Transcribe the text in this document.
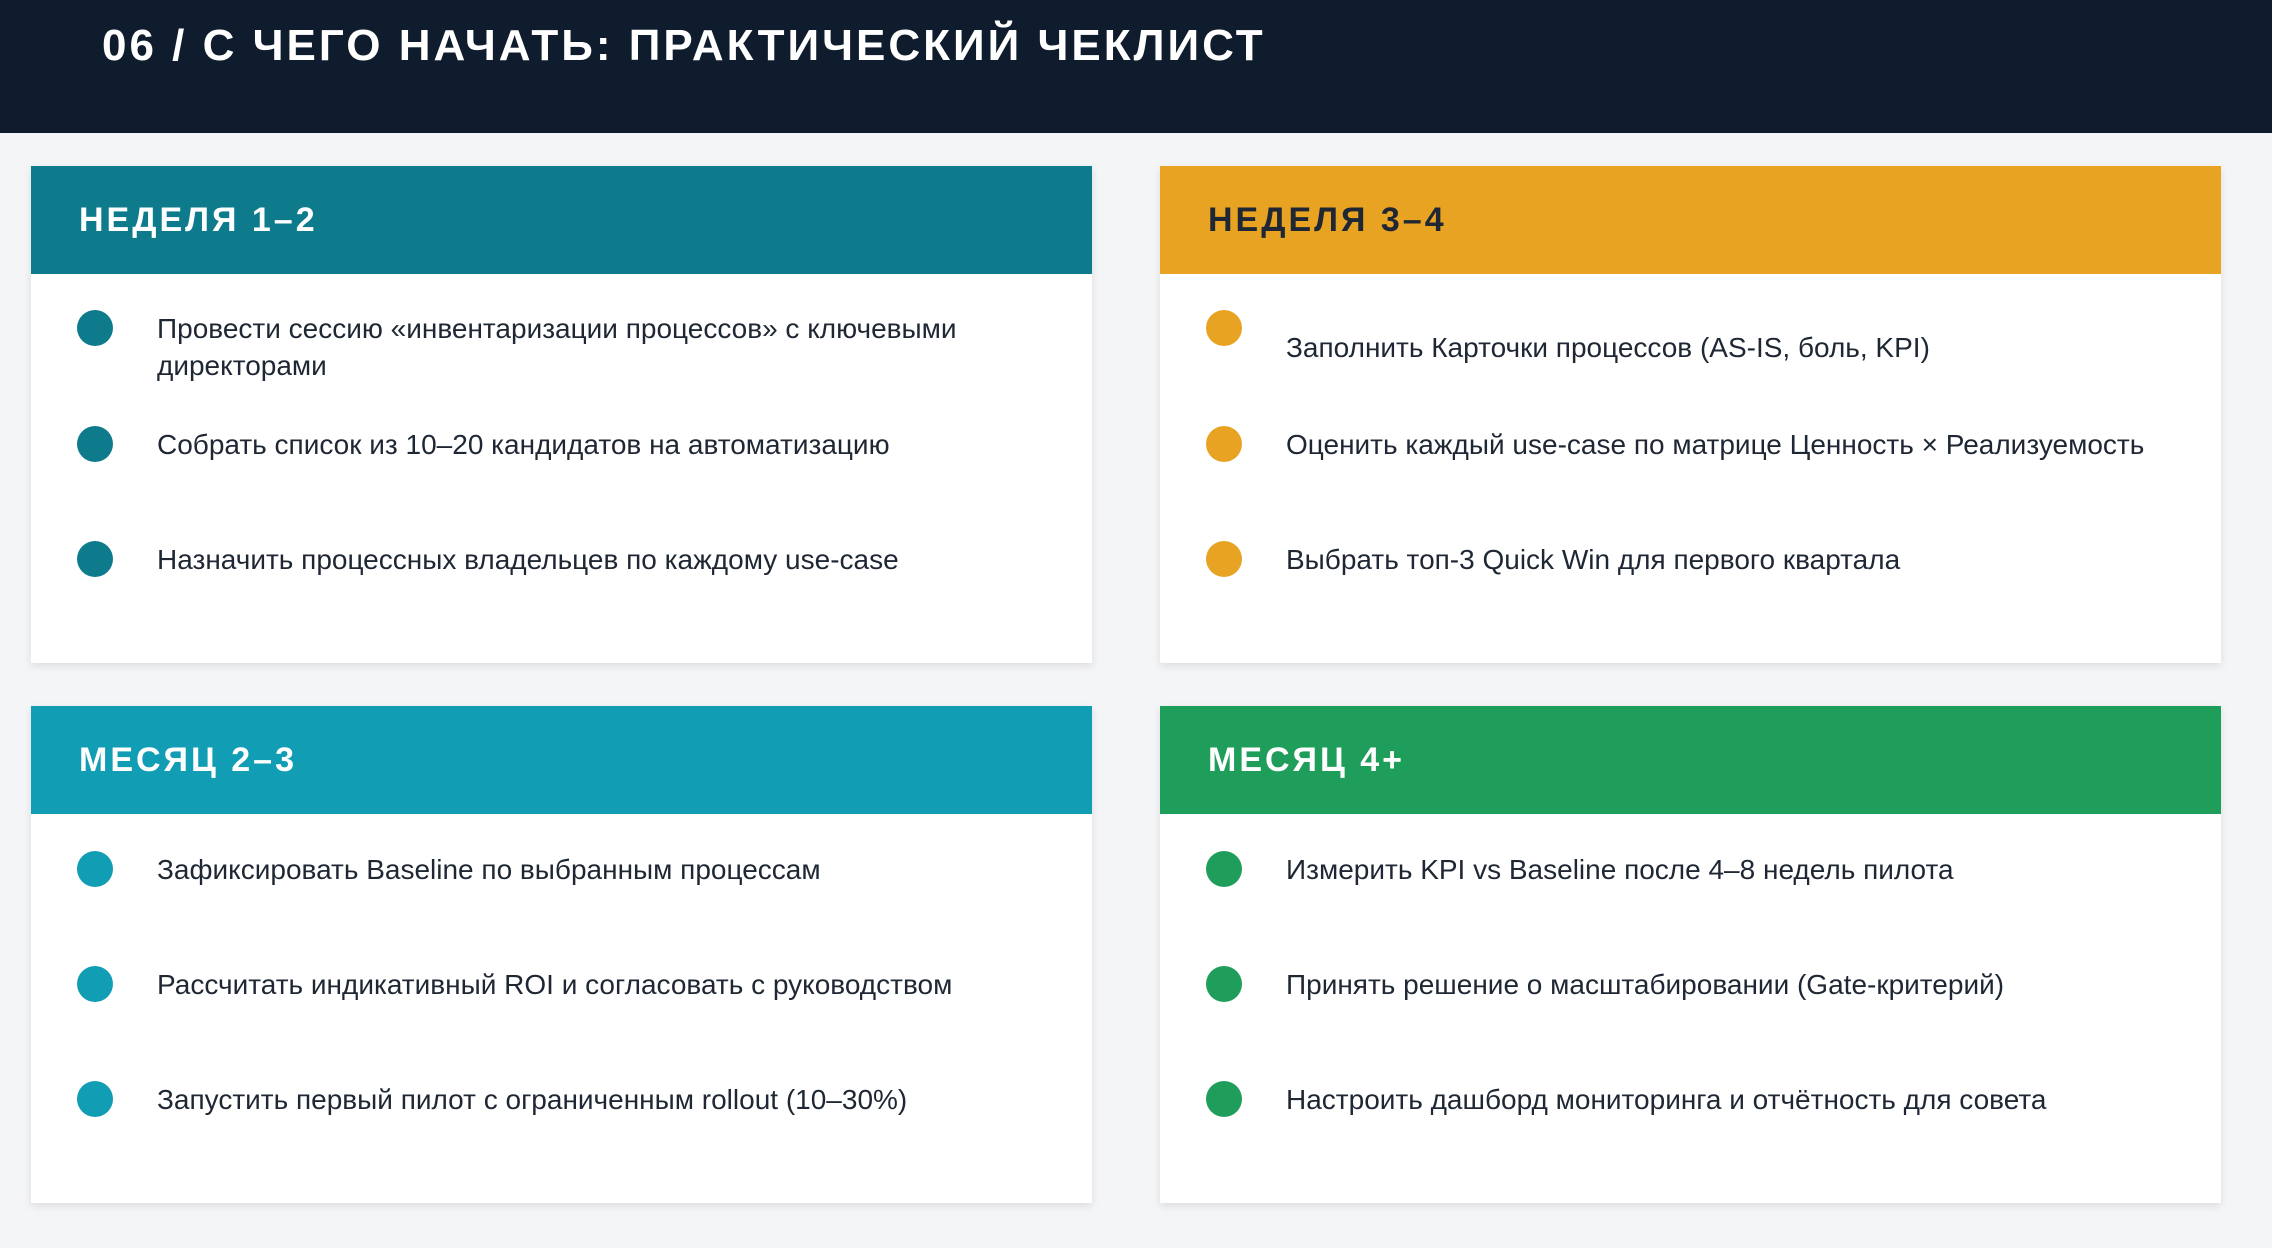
06 / С ЧЕГО НАЧАТЬ: ПРАКТИЧЕСКИЙ ЧЕКЛИСТ
НЕДЕЛЯ 1–2
Провести сессию «инвентаризации процессов» с ключевыми директорами
Собрать список из 10–20 кандидатов на автоматизацию
Назначить процессных владельцев по каждому use-case
НЕДЕЛЯ 3–4
Заполнить Карточки процессов (AS-IS, боль, KPI)
Оценить каждый use-case по матрице Ценность × Реализуемость
Выбрать топ-3 Quick Win для первого квартала
МЕСЯЦ 2–3
Зафиксировать Baseline по выбранным процессам
Рассчитать индикативный ROI и согласовать с руководством
Запустить первый пилот с ограниченным rollout (10–30%)
МЕСЯЦ 4+
Измерить KPI vs Baseline после 4–8 недель пилота
Принять решение о масштабировании (Gate-критерий)
Настроить дашборд мониторинга и отчётность для совета
